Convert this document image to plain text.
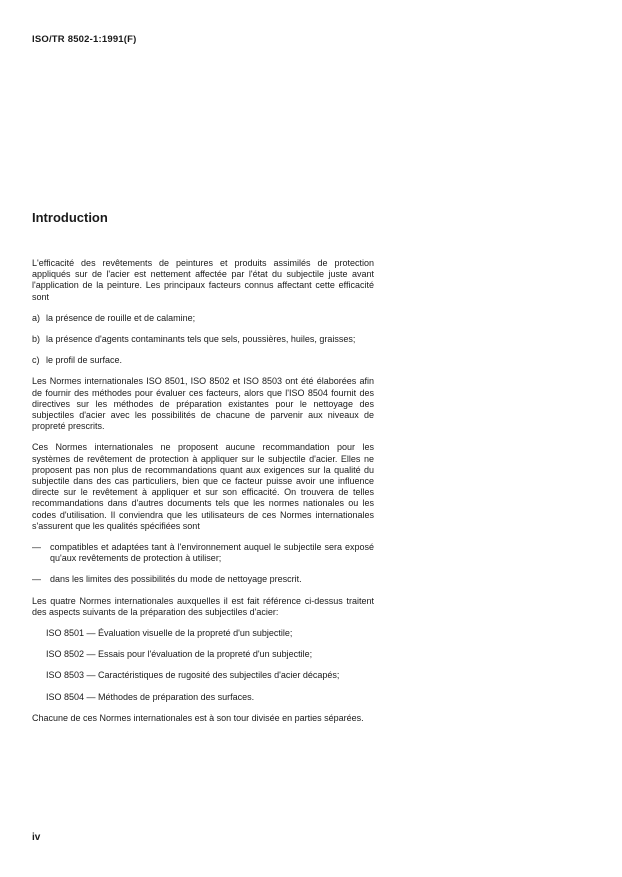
ISO/TR 8502-1:1991(F)
Introduction

L'efficacité des revêtements de peintures et produits assimilés de protection appliqués sur de l'acier est nettement affectée par l'état du subjectile juste avant l'application de la peinture. Les principaux facteurs connus affectant cette efficacité sont

a) la présence de rouille et de calamine;
b) la présence d'agents contaminants tels que sels, poussières, huiles, graisses;
c) le profil de surface.

Les Normes internationales ISO 8501, ISO 8502 et ISO 8503 ont été élaborées afin de fournir des méthodes pour évaluer ces facteurs, alors que l'ISO 8504 fournit des directives sur les méthodes de préparation existantes pour le nettoyage des subjectiles d'acier avec les possibilités de chacune de parvenir aux niveaux de propreté prescrits.

Ces Normes internationales ne proposent aucune recommandation pour les systèmes de revêtement de protection à appliquer sur le subjectile d'acier. Elles ne proposent pas non plus de recommandations quant aux exigences sur la qualité du subjectile dans des cas particuliers, bien que ce facteur puisse avoir une influence directe sur le revêtement à appliquer et sur son efficacité. On trouvera de telles recommandations dans d'autres documents tels que les normes nationales ou les codes d'utilisation. Il conviendra que les utilisateurs de ces Normes internationales s'assurent que les qualités spécifiées sont

—	compatibles et adaptées tant à l'environnement auquel le subjectile sera exposé qu'aux revêtements de protection à utiliser;
—	dans les limites des possibilités du mode de nettoyage prescrit.

Les quatre Normes internationales auxquelles il est fait référence ci-dessus traitent des aspects suivants de la préparation des subjectiles d'acier:

ISO 8501 — Évaluation visuelle de la propreté d'un subjectile;
ISO 8502 — Essais pour l'évaluation de la propreté d'un subjectile;
ISO 8503 — Caractéristiques de rugosité des subjectiles d'acier décapés;
ISO 8504 — Méthodes de préparation des surfaces.

Chacune de ces Normes internationales est à son tour divisée en parties séparées.

iv
